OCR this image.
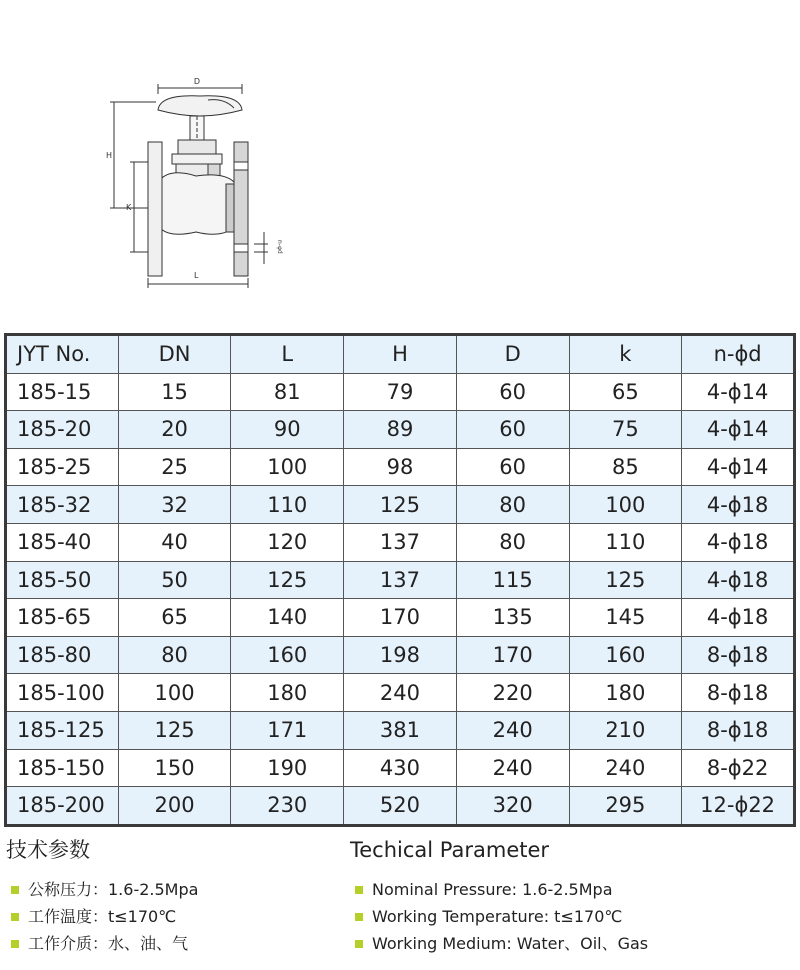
D
H
K
L
n-φd
JYT No.	DN	L	H	D	k	n-ϕd
185-15	15	81	79	60	65	4-ϕ14
185-20	20	90	89	60	75	4-ϕ14
185-25	25	100	98	60	85	4-ϕ14
185-32	32	110	125	80	100	4-ϕ18
185-40	40	120	137	80	110	4-ϕ18
185-50	50	125	137	115	125	4-ϕ18
185-65	65	140	170	135	145	4-ϕ18
185-80	80	160	198	170	160	8-ϕ18
185-100	100	180	240	220	180	8-ϕ18
185-125	125	171	381	240	210	8-ϕ18
185-150	150	190	430	240	240	8-ϕ22
185-200	200	230	520	320	295	12-ϕ22
技术参数
公称压力：1.6-2.5Mpa
工作温度：t≤170℃
工作介质：水、油、气
Techical Parameter
Nominal Pressure: 1.6-2.5Mpa
Working Temperature: t≤170℃
Working Medium: Water、Oil、Gas
